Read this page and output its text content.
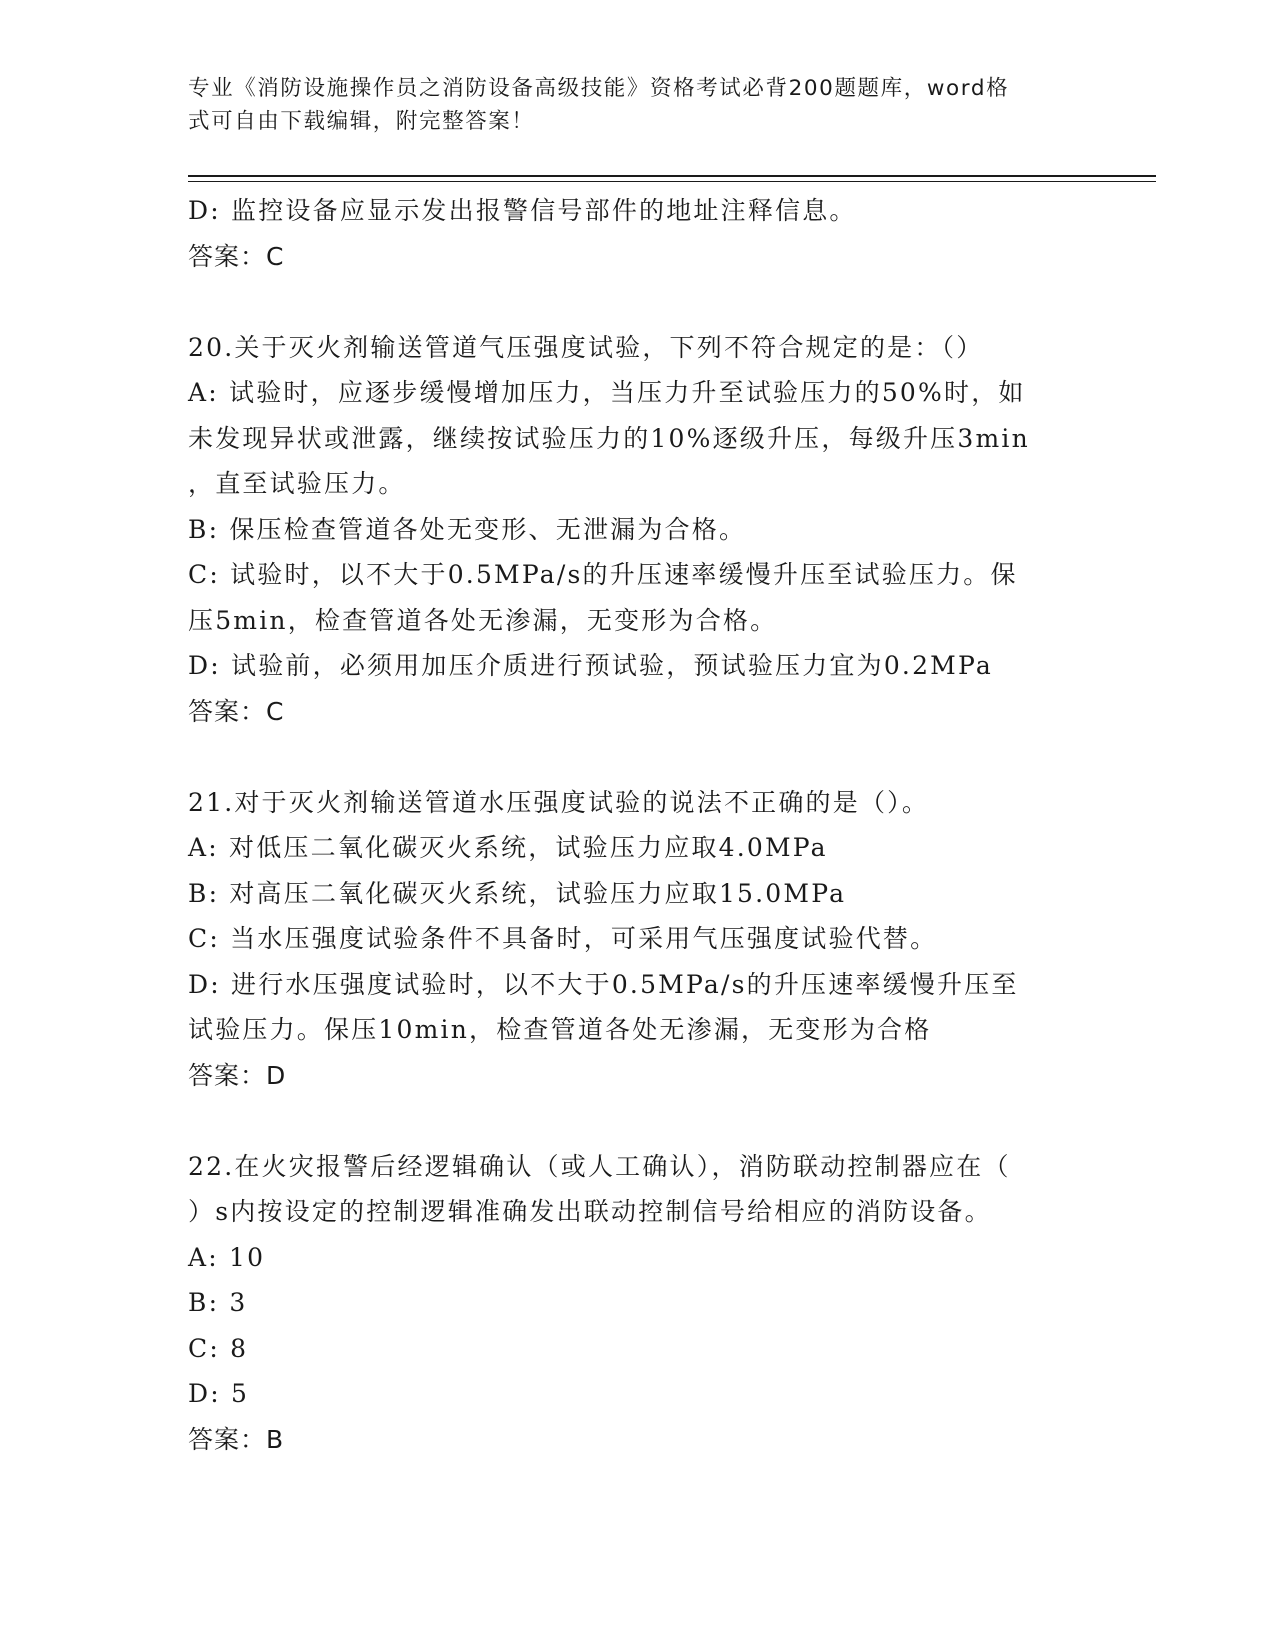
专业《消防设施操作员之消防设备高级技能》资格考试必背200题题库，word格
式可自由下载编辑，附完整答案！
D: 监控设备应显示发出报警信号部件的地址注释信息。
答案：C
20.关于灭火剂输送管道气压强度试验，下列不符合规定的是：（）
A: 试验时，应逐步缓慢增加压力，当压力升至试验压力的50%时，如
未发现异状或泄露，继续按试验压力的10%逐级升压，每级升压3min
，直至试验压力。
B: 保压检查管道各处无变形、无泄漏为合格。
C: 试验时，以不大于0.5MPa/s的升压速率缓慢升压至试验压力。保
压5min，检查管道各处无渗漏，无变形为合格。
D: 试验前，必须用加压介质进行预试验，预试验压力宜为0.2MPa
答案：C
21.对于灭火剂输送管道水压强度试验的说法不正确的是（）。
A: 对低压二氧化碳灭火系统，试验压力应取4.0MPa
B: 对高压二氧化碳灭火系统，试验压力应取15.0MPa
C: 当水压强度试验条件不具备时，可采用气压强度试验代替。
D: 进行水压强度试验时，以不大于0.5MPa/s的升压速率缓慢升压至
试验压力。保压10min，检查管道各处无渗漏，无变形为合格
答案：D
22.在火灾报警后经逻辑确认（或人工确认），消防联动控制器应在（
）s内按设定的控制逻辑准确发出联动控制信号给相应的消防设备。
A: 10
B: 3
C: 8
D: 5
答案：B
